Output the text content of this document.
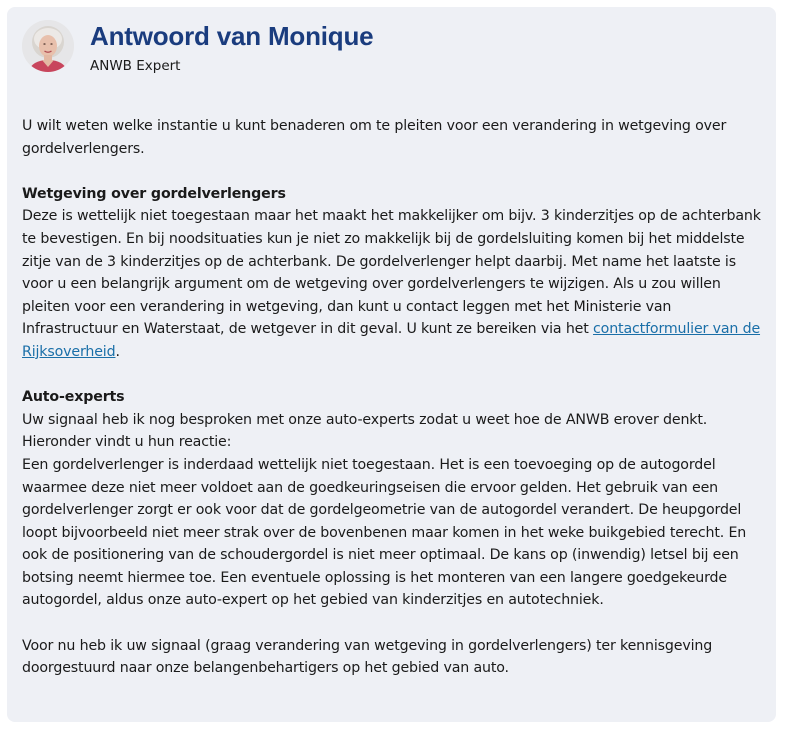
Antwoord van Monique
ANWB Expert

U wilt weten welke instantie u kunt benaderen om te pleiten voor een verandering in wetgeving over gordelverlengers.

Wetgeving over gordelverlengers
Deze is wettelijk niet toegestaan maar het maakt het makkelijker om bijv. 3 kinderzitjes op de achterbank te bevestigen. En bij noodsituaties kun je niet zo makkelijk bij de gordelsluiting komen bij het middelste zitje van de 3 kinderzitjes op de achterbank. De gordelverlenger helpt daarbij. Met name het laatste is voor u een belangrijk argument om de wetgeving over gordelverlengers te wijzigen. Als u zou willen pleiten voor een verandering in wetgeving, dan kunt u contact leggen met het Ministerie van Infrastructuur en Waterstaat, de wetgever in dit geval. U kunt ze bereiken via het contactformulier van de Rijksoverheid.

Auto-experts
Uw signaal heb ik nog besproken met onze auto-experts zodat u weet hoe de ANWB erover denkt.
Hieronder vindt u hun reactie:
Een gordelverlenger is inderdaad wettelijk niet toegestaan. Het is een toevoeging op de autogordel waarmee deze niet meer voldoet aan de goedkeuringseisen die ervoor gelden. Het gebruik van een gordelverlenger zorgt er ook voor dat de gordelgeometrie van de autogordel verandert. De heupgordel loopt bijvoorbeeld niet meer strak over de bovenbenen maar komen in het weke buikgebied terecht. En ook de positionering van de schoudergordel is niet meer optimaal. De kans op (inwendig) letsel bij een botsing neemt hiermee toe. Een eventuele oplossing is het monteren van een langere goedgekeurde autogordel, aldus onze auto-expert op het gebied van kinderzitjes en autotechniek.

Voor nu heb ik uw signaal (graag verandering van wetgeving in gordelverlengers) ter kennisgeving doorgestuurd naar onze belangenbehartigers op het gebied van auto.
